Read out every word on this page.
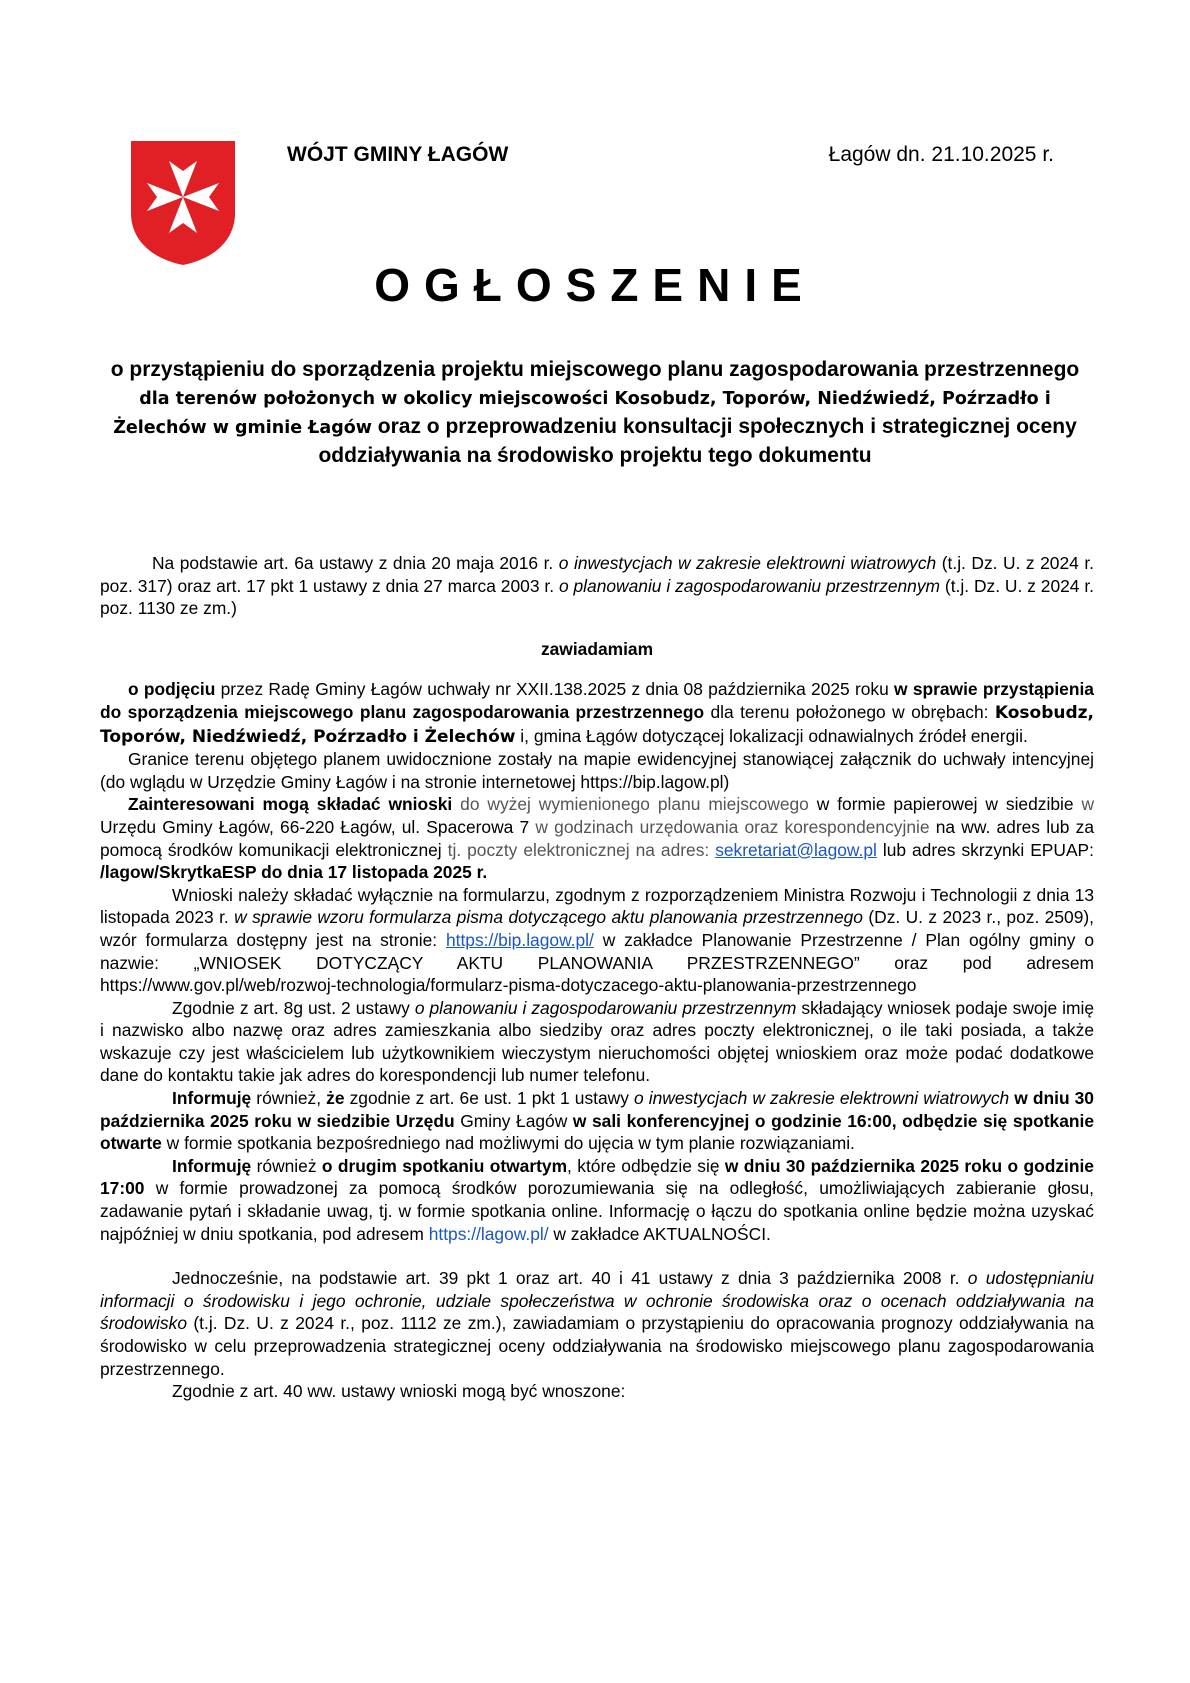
WÓJT GMINY ŁAGÓW	Łagów dn. 21.10.2025 r.
OGŁOSZENIE
o przystąpieniu do sporządzenia projektu miejscowego planu zagospodarowania przestrzennego dla terenów położonych w okolicy miejscowości Kosobudz, Toporów, Niedźwiedź, Poźrzadło i Żelechów w gminie Łagów oraz o przeprowadzeniu konsultacji społecznych i strategicznej oceny oddziaływania na środowisko projektu tego dokumentu

Na podstawie art. 6a ustawy z dnia 20 maja 2016 r. o inwestycjach w zakresie elektrowni wiatrowych (t.j. Dz. U. z 2024 r. poz. 317) oraz art. 17 pkt 1 ustawy z dnia 27 marca 2003 r. o planowaniu i zagospodarowaniu przestrzennym (t.j. Dz. U. z 2024 r. poz. 1130 ze zm.)

zawiadamiam

o podjęciu przez Radę Gminy Łagów uchwały nr XXII.138.2025 z dnia 08 października 2025 roku w sprawie przystąpienia do sporządzenia miejscowego planu zagospodarowania przestrzennego dla terenu położonego w obrębach: Kosobudz, Toporów, Niedźwiedź, Poźrzadło i Żelechów i, gmina Łągów dotyczącej lokalizacji odnawialnych źródeł energii.

Granice terenu objętego planem uwidocznione zostały na mapie ewidencyjnej stanowiącej załącznik do uchwały intencyjnej (do wglądu w Urzędzie Gminy Łagów i na stronie internetowej https://bip.lagow.pl)

Zainteresowani mogą składać wnioski do wyżej wymienionego planu miejscowego w formie papierowej w siedzibie w Urzędu Gminy Łagów, 66-220 Łagów, ul. Spacerowa 7 w godzinach urzędowania oraz korespondencyjnie na ww. adres lub za pomocą środków komunikacji elektronicznej tj. poczty elektronicznej na adres: sekretariat@lagow.pl lub adres skrzynki EPUAP: /lagow/SkrytkaESP do dnia 17 listopada 2025 r.

Wnioski należy składać wyłącznie na formularzu, zgodnym z rozporządzeniem Ministra Rozwoju i Technologii z dnia 13 listopada 2023 r. w sprawie wzoru formularza pisma dotyczącego aktu planowania przestrzennego (Dz. U. z 2023 r., poz. 2509), wzór formularza dostępny jest na stronie: https://bip.lagow.pl/ w zakładce Planowanie Przestrzenne / Plan ogólny gminy o nazwie: „WNIOSEK DOTYCZĄCY AKTU PLANOWANIA PRZESTRZENNEGO” oraz pod adresem https://www.gov.pl/web/rozwoj-technologia/formularz-pisma-dotyczacego-aktu-planowania-przestrzennego

Zgodnie z art. 8g ust. 2 ustawy o planowaniu i zagospodarowaniu przestrzennym składający wniosek podaje swoje imię i nazwisko albo nazwę oraz adres zamieszkania albo siedziby oraz adres poczty elektronicznej, o ile taki posiada, a także wskazuje czy jest właścicielem lub użytkownikiem wieczystym nieruchomości objętej wnioskiem oraz może podać dodatkowe dane do kontaktu takie jak adres do korespondencji lub numer telefonu.

Informuję również, że zgodnie z art. 6e ust. 1 pkt 1 ustawy o inwestycjach w zakresie elektrowni wiatrowych w dniu 30 października 2025 roku w siedzibie Urzędu Gminy Łagów w sali konferencyjnej o godzinie 16:00, odbędzie się spotkanie otwarte w formie spotkania bezpośredniego nad możliwymi do ujęcia w tym planie rozwiązaniami.

Informuję również o drugim spotkaniu otwartym, które odbędzie się w dniu 30 października 2025 roku o godzinie 17:00 w formie prowadzonej za pomocą środków porozumiewania się na odległość, umożliwiających zabieranie głosu, zadawanie pytań i składanie uwag, tj. w formie spotkania online. Informację o łączu do spotkania online będzie można uzyskać najpóźniej w dniu spotkania, pod adresem https://lagow.pl/ w zakładce AKTUALNOŚCI.

Jednocześnie, na podstawie art. 39 pkt 1 oraz art. 40 i 41 ustawy z dnia 3 października 2008 r. o udostępnianiu informacji o środowisku i jego ochronie, udziale społeczeństwa w ochronie środowiska oraz o ocenach oddziaływania na środowisko (t.j. Dz. U. z 2024 r., poz. 1112 ze zm.), zawiadamiam o przystąpieniu do opracowania prognozy oddziaływania na środowisko w celu przeprowadzenia strategicznej oceny oddziaływania na środowisko miejscowego planu zagospodarowania przestrzennego.

Zgodnie z art. 40 ww. ustawy wnioski mogą być wnoszone:
